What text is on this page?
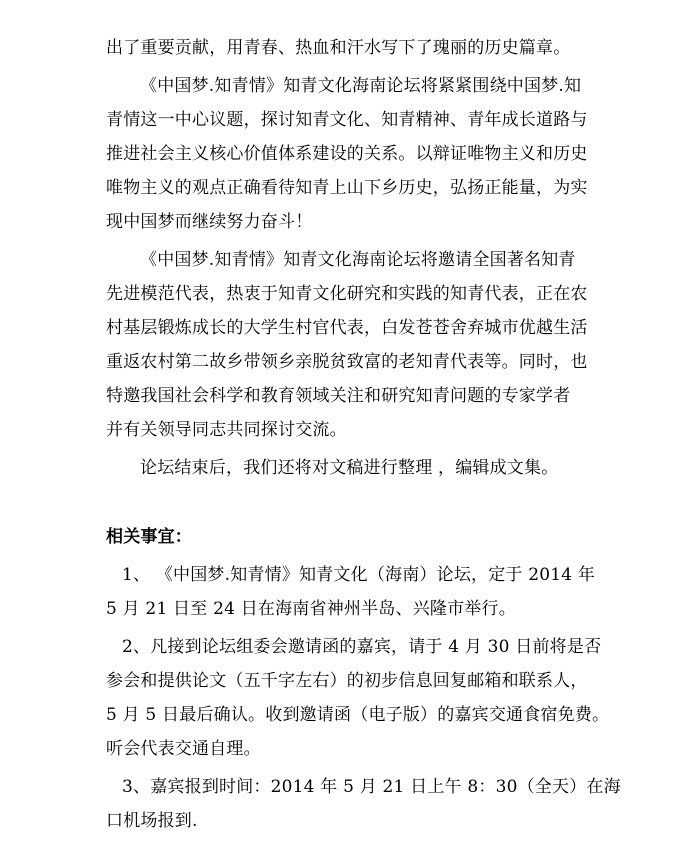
出了重要贡献，用青春、热血和汗水写下了瑰丽的历史篇章。
《中国梦.知青情》知青文化海南论坛将紧紧围绕中国梦.知
青情这一中心议题，探讨知青文化、知青精神、青年成长道路与
推进社会主义核心价值体系建设的关系。以辩证唯物主义和历史
唯物主义的观点正确看待知青上山下乡历史，弘扬正能量，为实
现中国梦而继续努力奋斗！
《中国梦.知青情》知青文化海南论坛将邀请全国著名知青
先进模范代表，热衷于知青文化研究和实践的知青代表，正在农
村基层锻炼成长的大学生村官代表，白发苍苍舍弃城市优越生活
重返农村第二故乡带领乡亲脱贫致富的老知青代表等。同时，也
特邀我国社会科学和教育领域关注和研究知青问题的专家学者
并有关领导同志共同探讨交流。
论坛结束后，我们还将对文稿进行整理 ，编辑成文集。
相关事宜：
1、 《中国梦.知青情》知青文化（海南）论坛，定于 2014 年
5 月 21 日至 24 日在海南省神州半岛、兴隆市举行。
2、凡接到论坛组委会邀请函的嘉宾，请于 4 月 30 日前将是否
参会和提供论文（五千字左右）的初步信息回复邮箱和联系人，
5 月 5 日最后确认。收到邀请函（电子版）的嘉宾交通食宿免费。
听会代表交通自理。
3、嘉宾报到时间：2014 年 5 月 21 日上午 8：30（全天）在海
口机场报到.
